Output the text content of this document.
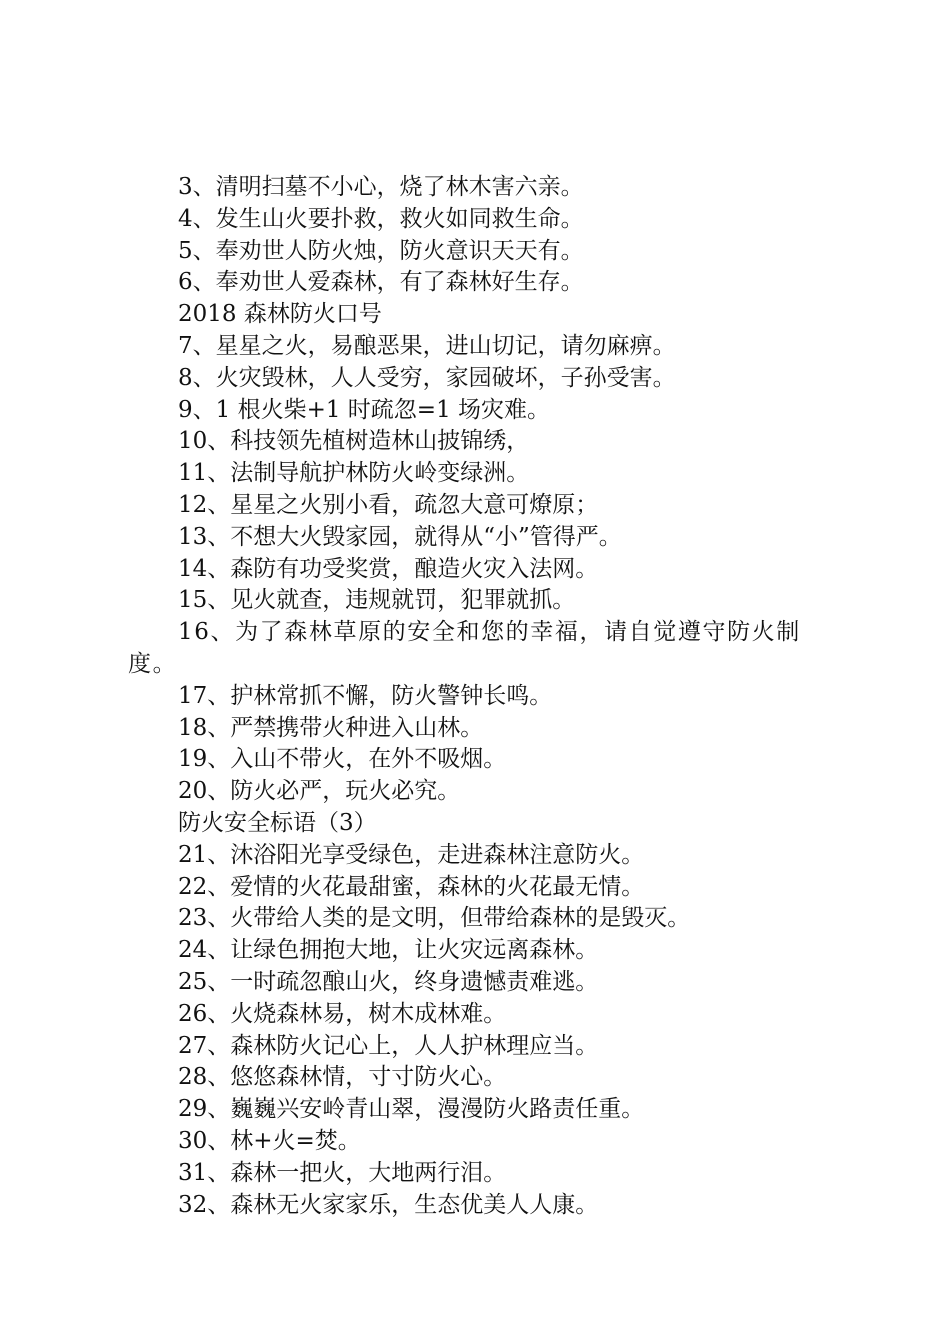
3、清明扫墓不小心，烧了林木害六亲。

4、发生山火要扑救，救火如同救生命。

5、奉劝世人防火烛，防火意识天天有。

6、奉劝世人爱森林，有了森林好生存。

2018 森林防火口号

7、星星之火，易酿恶果，进山切记，请勿麻痹。

8、火灾毁林，人人受穷，家园破坏，子孙受害。

9、1 根火柴+1 时疏忽=1 场灾难。

10、科技领先植树造林山披锦绣，

11、法制导航护林防火岭变绿洲。

12、星星之火别小看，疏忽大意可燎原；

13、不想大火毁家园，就得从“小”管得严。

14、森防有功受奖赏，酿造火灾入法网。

15、见火就查，违规就罚，犯罪就抓。

16、为了森林草原的安全和您的幸福，请自觉遵守防火制度。

17、护林常抓不懈，防火警钟长鸣。

18、严禁携带火种进入山林。

19、入山不带火，在外不吸烟。

20、防火必严，玩火必究。

防火安全标语（3）

21、沐浴阳光享受绿色，走进森林注意防火。

22、爱情的火花最甜蜜，森林的火花最无情。

23、火带给人类的是文明，但带给森林的是毁灭。

24、让绿色拥抱大地，让火灾远离森林。

25、一时疏忽酿山火，终身遗憾责难逃。

26、火烧森林易，树木成林难。

27、森林防火记心上，人人护林理应当。

28、悠悠森林情，寸寸防火心。

29、巍巍兴安岭青山翠，漫漫防火路责任重。

30、林+火=焚。

31、森林一把火，大地两行泪。

32、森林无火家家乐，生态优美人人康。
